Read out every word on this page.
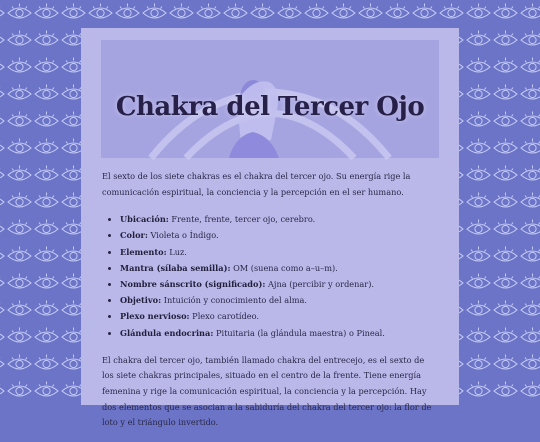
Chakra del Tercer Ojo

El sexto de los siete chakras es el chakra del tercer ojo. Su energía rige la comunicación espiritual, la conciencia y la percepción en el ser humano.

• Ubicación: Frente, frente, tercer ojo, cerebro.
• Color: Violeta o Índigo.
• Elemento: Luz.
• Mantra (sílaba semilla): OM (suena como a–u–m).
• Nombre sánscrito (significado): Ajna (percibir y ordenar).
• Objetivo: Intuición y conocimiento del alma.
• Plexo nervioso: Plexo carotídeo.
• Glándula endocrina: Pituitaria (la glándula maestra) o Pineal.

El chakra del tercer ojo, también llamado chakra del entrecejo, es el sexto de los siete chakras principales, situado en el centro de la frente. Tiene energía femenina y rige la comunicación espiritual, la conciencia y la percepción. Hay dos elementos que se asocian a la sabiduría del chakra del tercer ojo: la flor de loto y el triángulo invertido.
